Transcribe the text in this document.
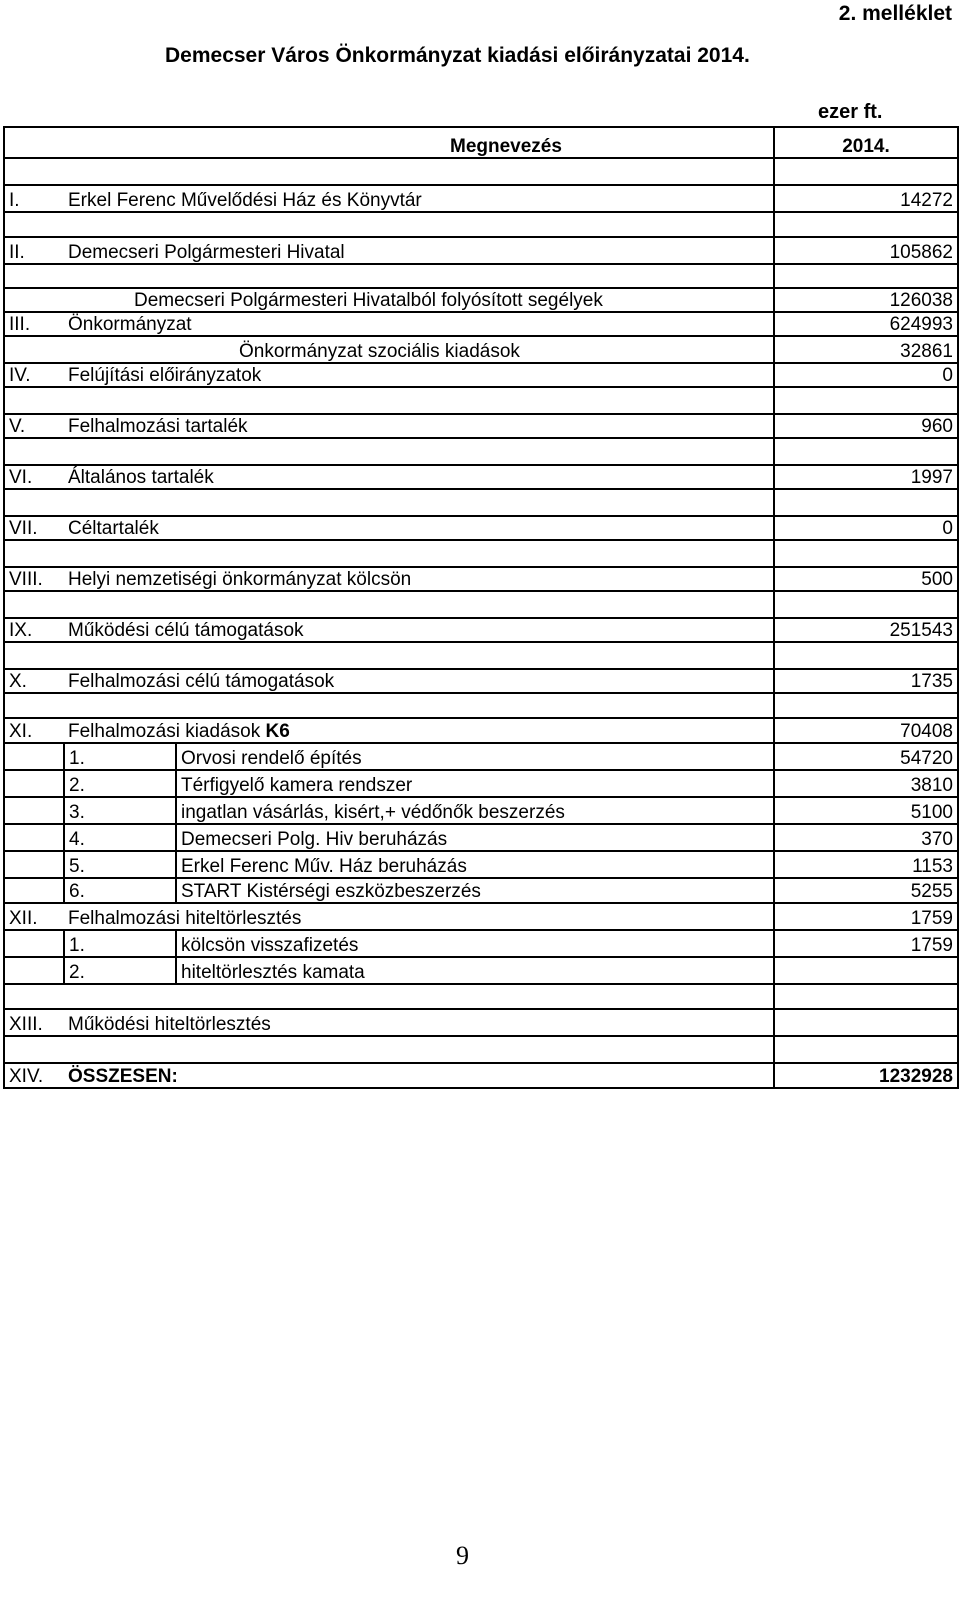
2. melléklet
Demecser Város Önkormányzat kiadási előirányzatai 2014.
ezer ft.
		Megnevezés	2014.

I.	Erkel Ferenc Művelődési Ház és Könyvtár		14272

II.	Demecseri Polgármesteri Hivatal		105862

	Demecseri Polgármesteri Hivatalból folyósított segélyek		126038
III.	Önkormányzat		624993
	Önkormányzat szociális kiadások		32861
IV.	Felújítási előirányzatok		0

V.	Felhalmozási tartalék		960

VI.	Általános tartalék		1997

VII.	Céltartalék		0

VIII.	Helyi nemzetiségi önkormányzat kölcsön		500

IX.	Működési célú támogatások		251543

X.	Felhalmozási célú támogatások		1735

XI.	Felhalmozási kiadások K6		70408
	1.	Orvosi rendelő építés	54720
	2.	Térfigyelő kamera rendszer	3810
	3.	ingatlan vásárlás, kisért,+ védőnők beszerzés	5100
	4.	Demecseri Polg. Hiv beruházás	370
	5.	Erkel Ferenc Műv. Ház beruházás	1153
	6.	START Kistérségi eszközbeszerzés	5255
XII.	Felhalmozási hiteltörlesztés		1759
	1.	kölcsön visszafizetés	1759
	2.	hiteltörlesztés kamata	

XIII.	Működési hiteltörlesztés		

XIV.	ÖSSZESEN:		1232928
9
